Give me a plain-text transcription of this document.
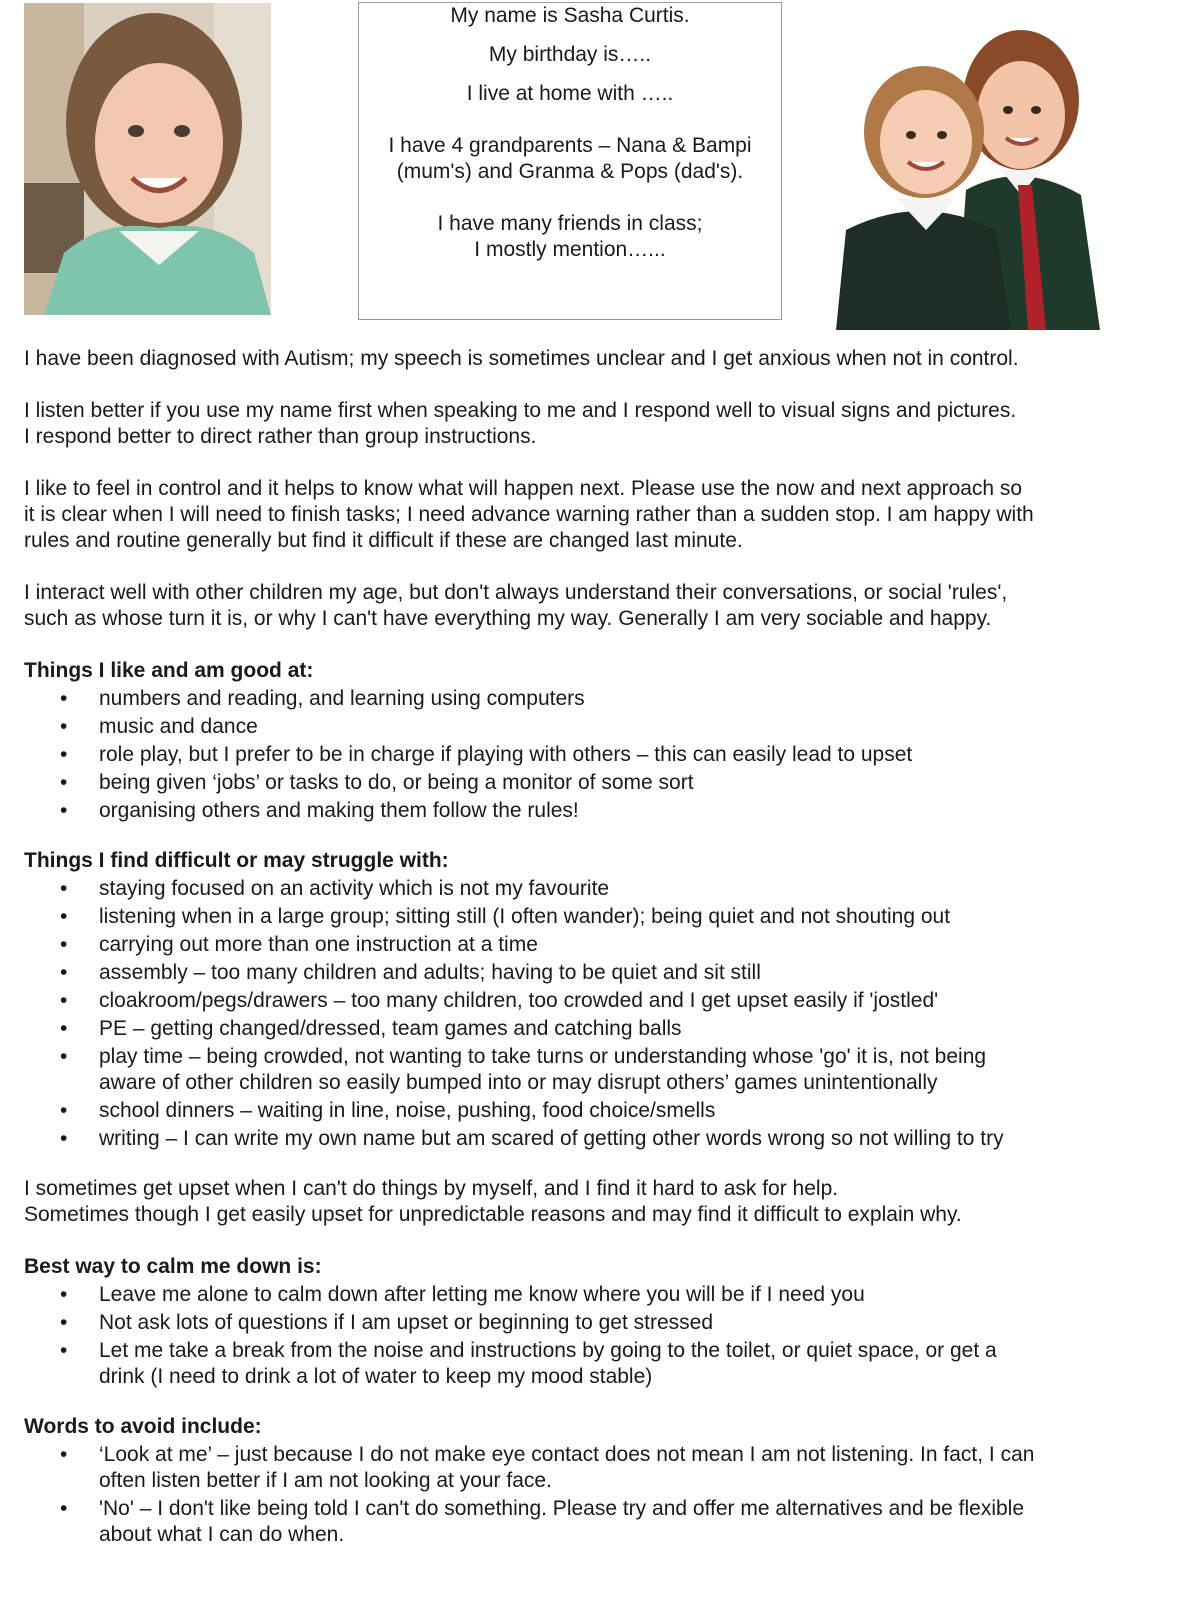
My name is Sasha Curtis.

My birthday is…..

I live at home with …..

I have 4 grandparents – Nana & Bampi

(mum's) and Granma & Pops (dad's).

I have many friends in class;

I mostly mention…...

I have been diagnosed with Autism; my speech is sometimes unclear and I get anxious when not in control.

I listen better if you use my name first when speaking to me and I respond well to visual signs and pictures.
I respond better to direct rather than group instructions.

I like to feel in control and it helps to know what will happen next. Please use the now and next approach so
it is clear when I will need to finish tasks; I need advance warning rather than a sudden stop. I am happy with
rules and routine generally but find it difficult if these are changed last minute.

I interact well with other children my age, but don't always understand their conversations, or social 'rules',
such as whose turn it is, or why I can't have everything my way. Generally I am very sociable and happy.

Things I like and am good at:
• numbers and reading, and learning using computers
• music and dance
• role play, but I prefer to be in charge if playing with others – this can easily lead to upset
• being given ‘jobs’ or tasks to do, or being a monitor of some sort
• organising others and making them follow the rules!
Things I find difficult or may struggle with:
• staying focused on an activity which is not my favourite
• listening when in a large group; sitting still (I often wander); being quiet and not shouting out
• carrying out more than one instruction at a time
• assembly – too many children and adults; having to be quiet and sit still
• cloakroom/pegs/drawers – too many children, too crowded and I get upset easily if 'jostled'
• PE – getting changed/dressed, team games and catching balls
• play time – being crowded, not wanting to take turns or understanding whose 'go' it is, not being
aware of other children so easily bumped into or may disrupt others’ games unintentionally
• school dinners – waiting in line, noise, pushing, food choice/smells
• writing – I can write my own name but am scared of getting other words wrong so not willing to try

I sometimes get upset when I can't do things by myself, and I find it hard to ask for help.
Sometimes though I get easily upset for unpredictable reasons and may find it difficult to explain why.

Best way to calm me down is:
• Leave me alone to calm down after letting me know where you will be if I need you
• Not ask lots of questions if I am upset or beginning to get stressed
• Let me take a break from the noise and instructions by going to the toilet, or quiet space, or get a
drink (I need to drink a lot of water to keep my mood stable)
Words to avoid include:
• ‘Look at me’ – just because I do not make eye contact does not mean I am not listening. In fact, I can
often listen better if I am not looking at your face.
• 'No' – I don't like being told I can't do something. Please try and offer me alternatives and be flexible
about what I can do when.
